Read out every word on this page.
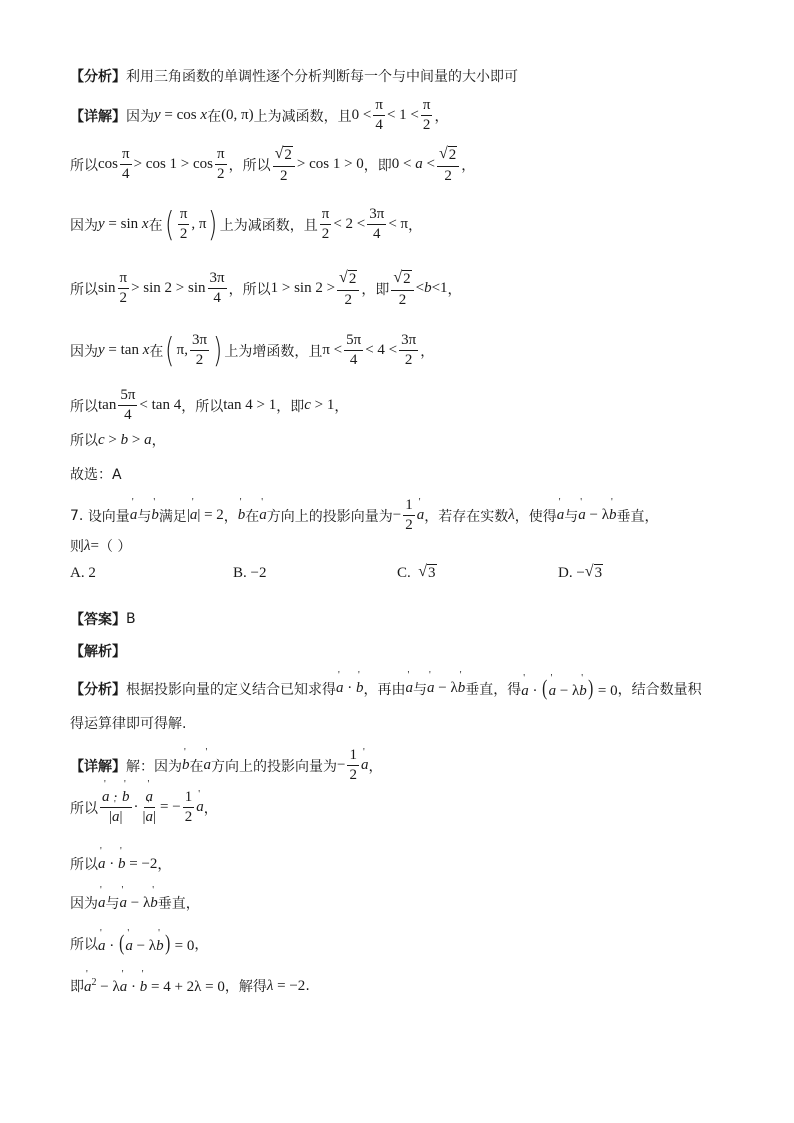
【分析】 利用三角函数的单调性逐个分析判断每一个与中间量的大小即可
【详解】 因为 y = cos x 在 (0, π) 上为减函数，且 $0 < \frac{\pi}{4} < 1 < \frac{\pi}{2}$ ，
所以 $\cos \frac{\pi}{4} > \cos 1 > \cos \frac{\pi}{2}$ ，所以 $\frac{√ 2}{2} > \cos 1 > 0$ ，即 $0 < a < \frac{√ 2}{2}$ ，
因为 y = sin x 在 ( $\frac{\pi}{2}$ , π ) 上为减函数，且 $\frac{\pi}{2} < 2 < \frac{3\pi}{4} < \pi$ ，
所以 $\sin \frac{\pi}{2} > \sin 2 > \sin \frac{3\pi}{4}$ ，所以 $1 > \sin 2 > \frac{√ 2}{2}$ ，即 $\frac{√ 2}{2} <b<1$ ，
因为 y = tan x 在 ( π, $\frac{3\pi}{2}$ ) 上为增函数，且 $\pi < \frac{5\pi}{4} < 4 < \frac{3\pi}{2}$ ，
所以 $\tan \frac{5\pi}{4} < \tan 4$ ，所以 tan 4 > 1 ，即 c > 1 ，
所以 c > b > a ，
故选：A
7.
设向量 ' a 与 ' b 满足 |' a| = 2 ， ' b 在 ' a 方向上的投影向量为 − $\frac{1}{2}$ ' a ，若存在实数 λ ，使得 ' a 与 ' a − λ' b 垂直，
则 λ = （ ）
A. 2	B. −2	C.
√ 3	D. − √ 3
【答案】 B
【解析】
【分析】 根据投影向量的定义结合已知求得 ' a · ' b ，再由 ' a 与 ' a − λ' b 垂直，得 ' a · (' a − λ' b) = 0 ，结合数量积
得运算律即可得解.
【详解】 解：因为 ' b 在 ' a 方向上的投影向量为 − $\frac{1}{2}$ ' a ，
所以 ' $\frac{a \cdot ' b}{|' a|}$ · ' $\frac{a}{|' a|}$ = − $\frac{1}{2}$ ' a ，
所以 ' a · ' b = −2 ，
因为 ' a 与 ' a − λ' b 垂直，
所以 ' a · (' a − λ' b) = 0 ，
即 ' $a^2 - \lambda'$ a · ' b = 4 + 2λ = 0 ，解得 λ = −2 .
